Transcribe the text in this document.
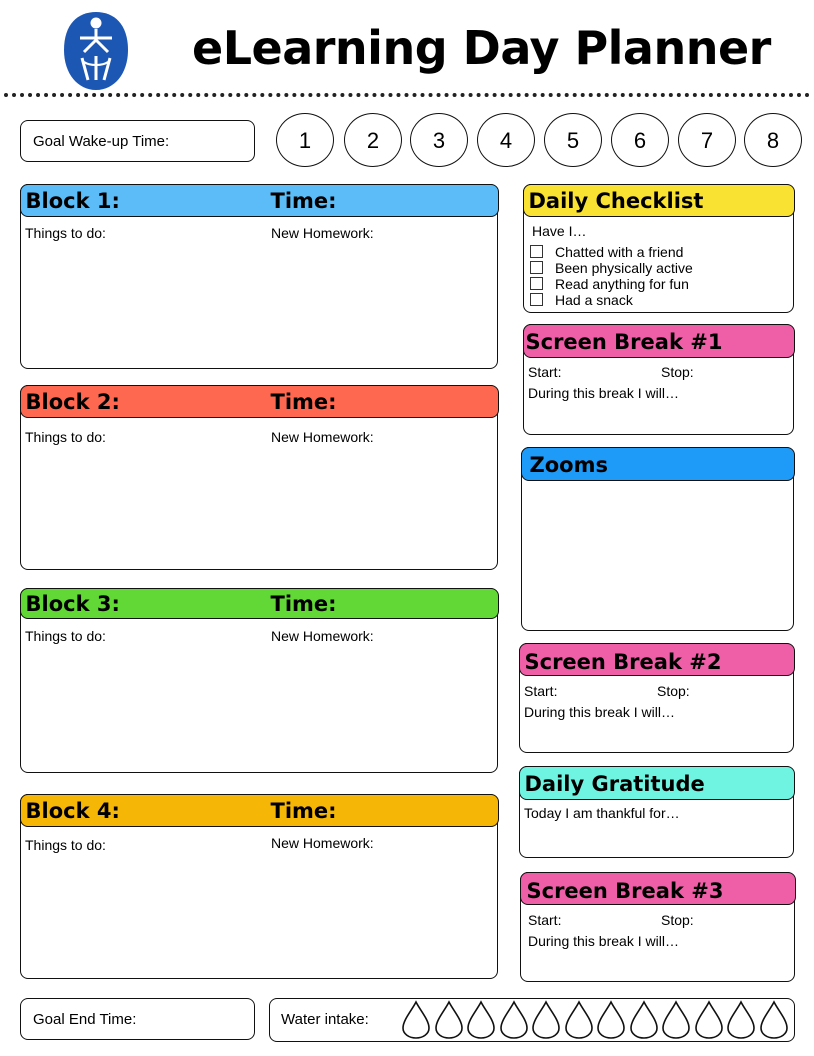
eLearning Day Planner
Goal Wake-up Time:	1	2	3	4	5	6	7	8
Block 1:	Time:
Things to do:	New Homework:
Block 2:	Time:
Things to do:	New Homework:
Block 3:	Time:
Things to do:	New Homework:
Block 4:	Time:
Things to do:	New Homework:
Daily Checklist
Have I…
Chatted with a friend
Been physically active
Read anything for fun
Had a snack
Screen Break #1
Start:	Stop:
During this break I will…
Zooms
Screen Break #2
Start:	Stop:
During this break I will…
Daily Gratitude
Today I am thankful for…
Screen Break #3
Start:	Stop:
During this break I will…
Goal End Time:	Water intake:
